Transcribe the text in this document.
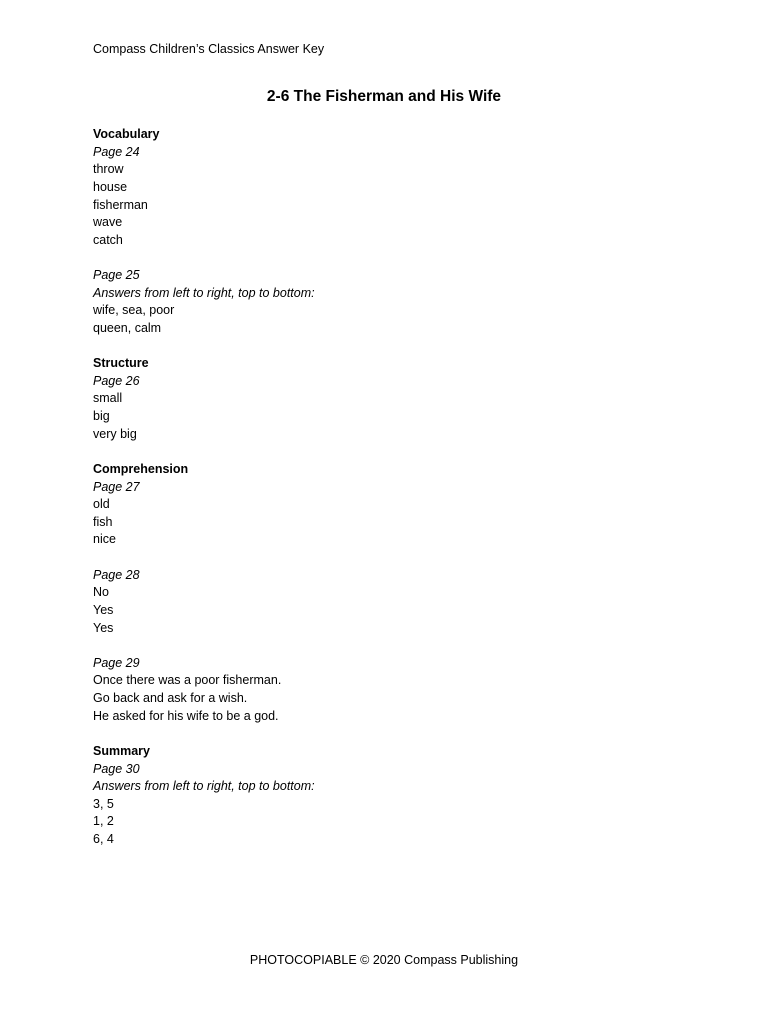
Compass Children’s Classics Answer Key
2-6 The Fisherman and His Wife
Vocabulary
Page 24
throw
house
fisherman
wave
catch
Page 25
Answers from left to right, top to bottom:
wife, sea, poor
queen, calm
Structure
Page 26
small
big
very big
Comprehension
Page 27
old
fish
nice
Page 28
No
Yes
Yes
Page 29
Once there was a poor fisherman.
Go back and ask for a wish.
He asked for his wife to be a god.
Summary
Page 30
Answers from left to right, top to bottom:
3, 5
1, 2
6, 4
PHOTOCOPIABLE © 2020 Compass Publishing
